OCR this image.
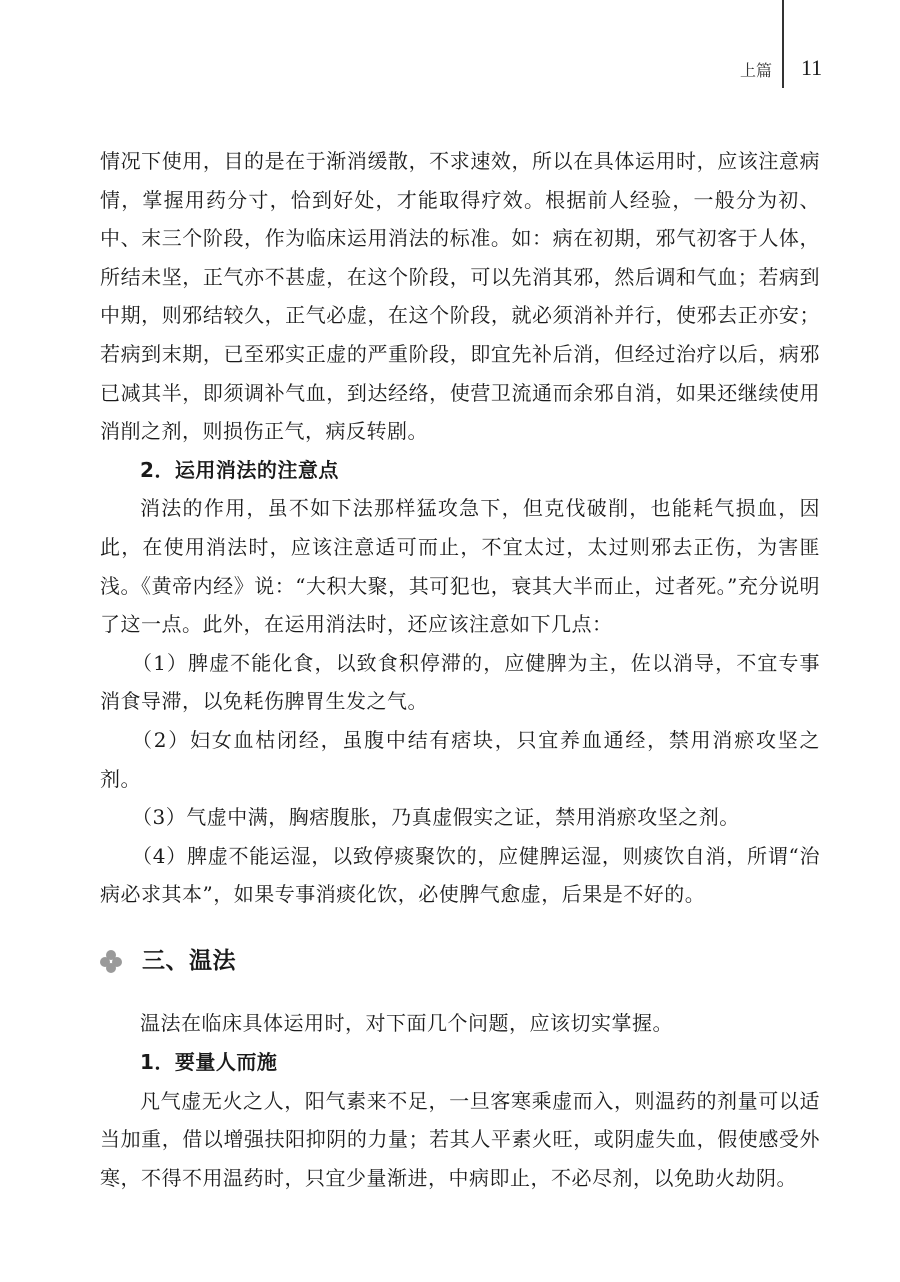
上篇 11

情况下使用，目的是在于渐消缓散，不求速效，所以在具体运用时，应该注意病情，掌握用药分寸，恰到好处，才能取得疗效。根据前人经验，一般分为初、中、末三个阶段，作为临床运用消法的标准。如：病在初期，邪气初客于人体，所结未坚，正气亦不甚虚，在这个阶段，可以先消其邪，然后调和气血；若病到中期，则邪结较久，正气必虚，在这个阶段，就必须消补并行，使邪去正亦安；若病到末期，已至邪实正虚的严重阶段，即宜先补后消，但经过治疗以后，病邪已减其半，即须调补气血，到达经络，使营卫流通而余邪自消，如果还继续使用消削之剂，则损伤正气，病反转剧。

2．运用消法的注意点

消法的作用，虽不如下法那样猛攻急下，但克伐破削，也能耗气损血，因此，在使用消法时，应该注意适可而止，不宜太过，太过则邪去正伤，为害匪浅。《黄帝内经》说：“大积大聚，其可犯也，衰其大半而止，过者死。”充分说明了这一点。此外，在运用消法时，还应该注意如下几点：

（1）脾虚不能化食，以致食积停滞的，应健脾为主，佐以消导，不宜专事消食导滞，以免耗伤脾胃生发之气。

（2）妇女血枯闭经，虽腹中结有痞块，只宜养血通经，禁用消瘀攻坚之剂。

（3）气虚中满，胸痞腹胀，乃真虚假实之证，禁用消瘀攻坚之剂。

（4）脾虚不能运湿，以致停痰聚饮的，应健脾运湿，则痰饮自消，所谓“治病必求其本”，如果专事消痰化饮，必使脾气愈虚，后果是不好的。

三、温法

温法在临床具体运用时，对下面几个问题，应该切实掌握。

1．要量人而施

凡气虚无火之人，阳气素来不足，一旦客寒乘虚而入，则温药的剂量可以适当加重，借以增强扶阳抑阴的力量；若其人平素火旺，或阴虚失血，假使感受外寒，不得不用温药时，只宜少量渐进，中病即止，不必尽剂，以免助火劫阴。
